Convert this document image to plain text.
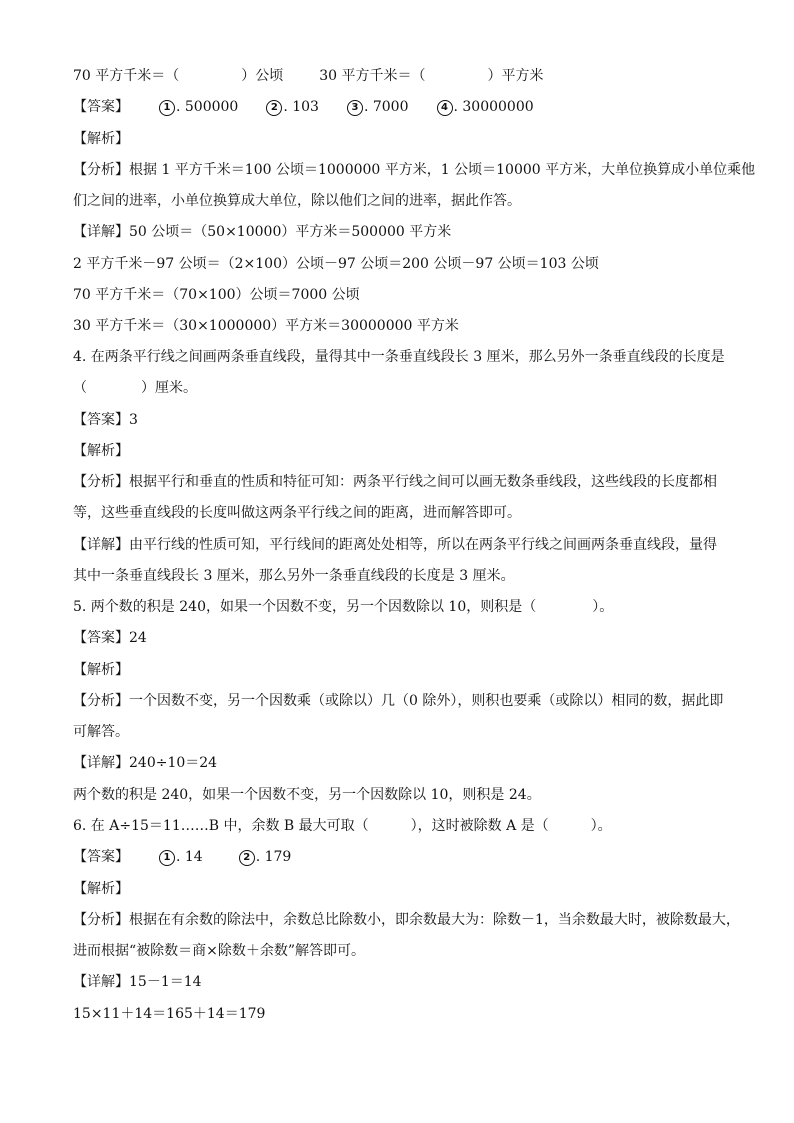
70 平方千米＝（	）公顷	30 平方千米＝（	）平方米
【答案】	1 . 500000	2 . 103	3 . 7000	4 . 30000000
【解析】
【分析】根据 1 平方千米＝100 公顷＝1000000 平方米，1 公顷＝10000 平方米，大单位换算成小单位乘他
们之间的进率，小单位换算成大单位，除以他们之间的进率，据此作答。
【详解】50 公顷＝（50×10000）平方米＝500000 平方米
2 平方千米－97 公顷＝（2×100）公顷－97 公顷＝200 公顷－97 公顷＝103 公顷
70 平方千米＝（70×100）公顷＝7000 公顷
30 平方千米＝（30×1000000）平方米＝30000000 平方米
4. 在两条平行线之间画两条垂直线段，量得其中一条垂直线段长 3 厘米，那么另外一条垂直线段的长度是
（	）厘米。
【答案】3
【解析】
【分析】根据平行和垂直的性质和特征可知：两条平行线之间可以画无数条垂线段，这些线段的长度都相
等，这些垂直线段的长度叫做这两条平行线之间的距离，进而解答即可。
【详解】由平行线的性质可知，平行线间的距离处处相等，所以在两条平行线之间画两条垂直线段，量得
其中一条垂直线段长 3 厘米，那么另外一条垂直线段的长度是 3 厘米。
5. 两个数的积是 240，如果一个因数不变，另一个因数除以 10，则积是（	）。
【答案】24
【解析】
【分析】一个因数不变，另一个因数乘（或除以）几（0 除外），则积也要乘（或除以）相同的数，据此即
可解答。
【详解】240÷10＝24
两个数的积是 240，如果一个因数不变，另一个因数除以 10，则积是 24。
6. 在 A÷15＝11……B 中，余数 B 最大可取（	），这时被除数 A 是（	）。
【答案】	1 . 14	2 . 179
【解析】
【分析】根据在有余数的除法中，余数总比除数小，即余数最大为：除数－1，当余数最大时，被除数最大，
进而根据“被除数＝商×除数＋余数”解答即可。
【详解】15－1＝14
15×11＋14＝165＋14＝179
